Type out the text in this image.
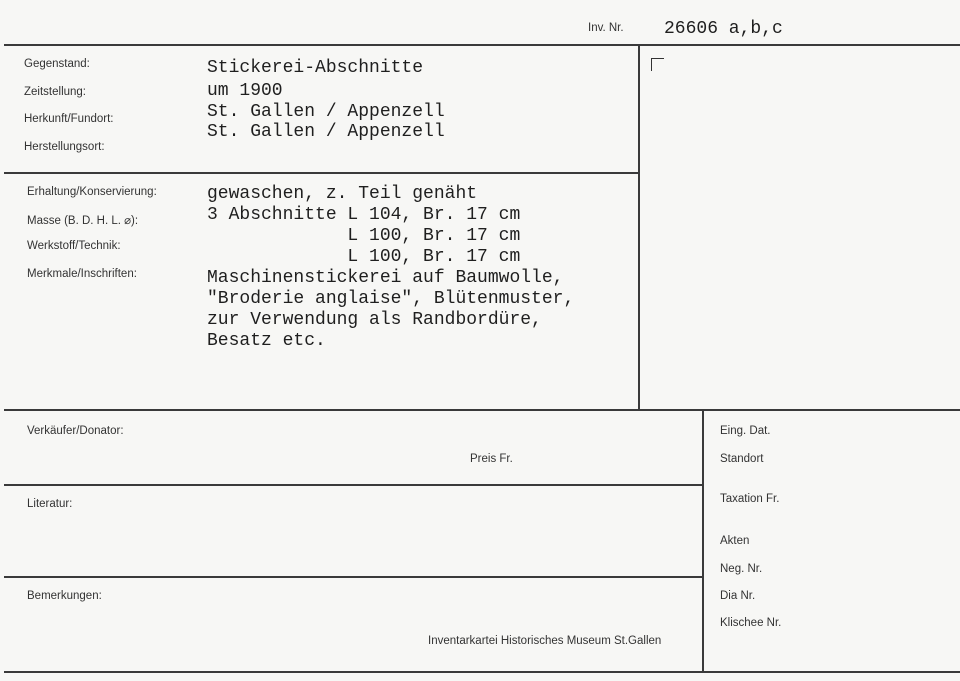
Inv. Nr. 26606 a,b,c
Gegenstand:
Zeitstellung:
Herkunft/Fundort:
Herstellungsort:
Stickerei-Abschnitte
um 1900
St. Gallen / Appenzell
St. Gallen / Appenzell
Erhaltung/Konservierung:
Masse (B. D. H. L. ⌀):
Werkstoff/Technik:
Merkmale/Inschriften:
gewaschen, z. Teil genäht
3 Abschnitte L 104, Br. 17 cm
L 100, Br. 17 cm
L 100, Br. 17 cm
Maschinenstickerei auf Baumwolle,
"Broderie anglaise", Blütenmuster,
zur Verwendung als Randbordüre,
Besatz etc.
Verkäufer/Donator:
Preis Fr.
Literatur:
Bemerkungen:
Inventarkartei Historisches Museum St.Gallen
Eing. Dat.
Standort
Taxation Fr.
Akten
Neg. Nr.
Dia Nr.
Klischee Nr.
